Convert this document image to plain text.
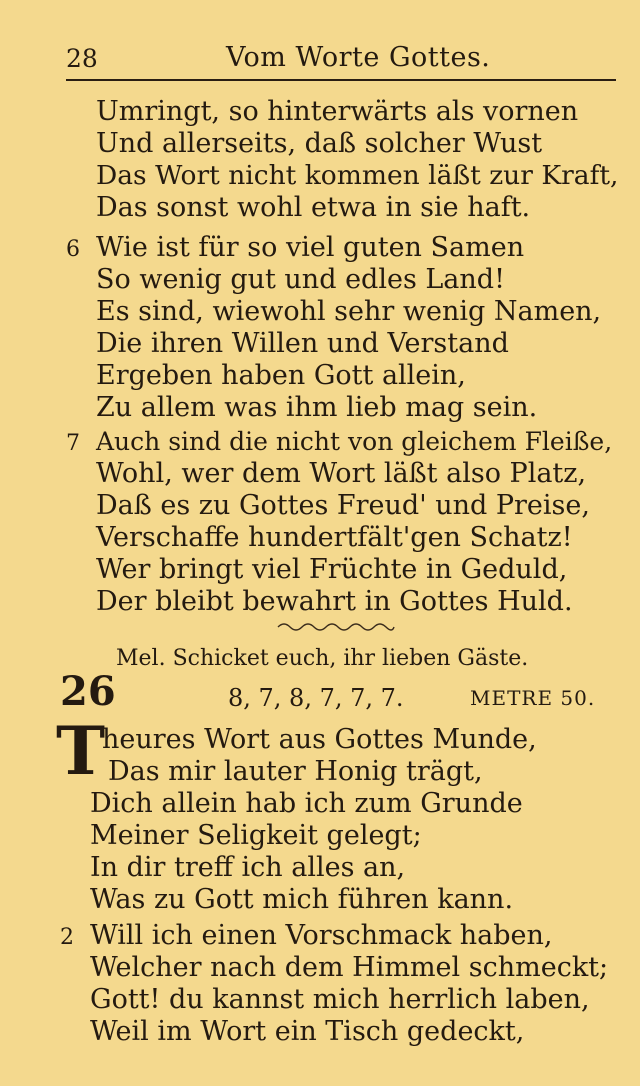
28	Vom Worte Gottes.
Umringt, so hinterwärts als vornen
Und allerseits, daß solcher Wust
Das Wort nicht kommen läßt zur Kraft,
Das sonst wohl etwa in sie haft.
6 Wie ist für so viel guten Samen
So wenig gut und edles Land!
Es sind, wiewohl sehr wenig Namen,
Die ihren Willen und Verstand
Ergeben haben Gott allein,
Zu allem was ihm lieb mag sein.
7 Auch sind die nicht von gleichem Fleiße,
Wohl, wer dem Wort läßt also Platz,
Daß es zu Gottes Freud' und Preise,
Verschaffe hundertfält'gen Schatz!
Wer bringt viel Früchte in Geduld,
Der bleibt bewahrt in Gottes Huld.
Mel. Schicket euch, ihr lieben Gäste.
26	8, 7, 8, 7, 7, 7.	METRE 50.
T
heures Wort aus Gottes Munde,
Das mir lauter Honig trägt,
Dich allein hab ich zum Grunde
Meiner Seligkeit gelegt;
In dir treff ich alles an,
Was zu Gott mich führen kann.
2 Will ich einen Vorschmack haben,
Welcher nach dem Himmel schmeckt;
Gott! du kannst mich herrlich laben,
Weil im Wort ein Tisch gedeckt,
